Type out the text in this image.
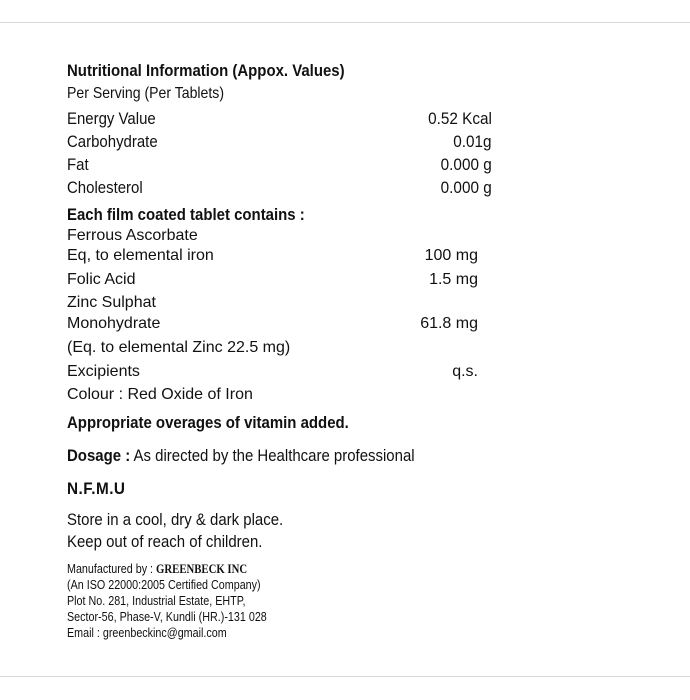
Nutritional Information (Appox. Values)
Per Serving (Per Tablets)
Energy Value	0.52 Kcal
Carbohydrate	0.01g
Fat	0.000 g
Cholesterol	0.000 g
Each film coated tablet contains :
Ferrous Ascorbate
Eq, to elemental iron	100 mg
Folic Acid	1.5 mg
Zinc Sulphat
Monohydrate	61.8 mg
(Eq. to elemental Zinc 22.5 mg)
Excipients	q.s.
Colour : Red Oxide of Iron
Appropriate overages of vitamin added.
Dosage : As directed by the Healthcare professional
N.F.M.U
Store in a cool, dry & dark place.
Keep out of reach of children.
Manufactured by : GREENBECK INC
(An ISO 22000:2005 Certified Company)
Plot No. 281, Industrial Estate, EHTP,
Sector-56, Phase-V, Kundli (HR.)-131 028
Email : greenbeckinc@gmail.com
